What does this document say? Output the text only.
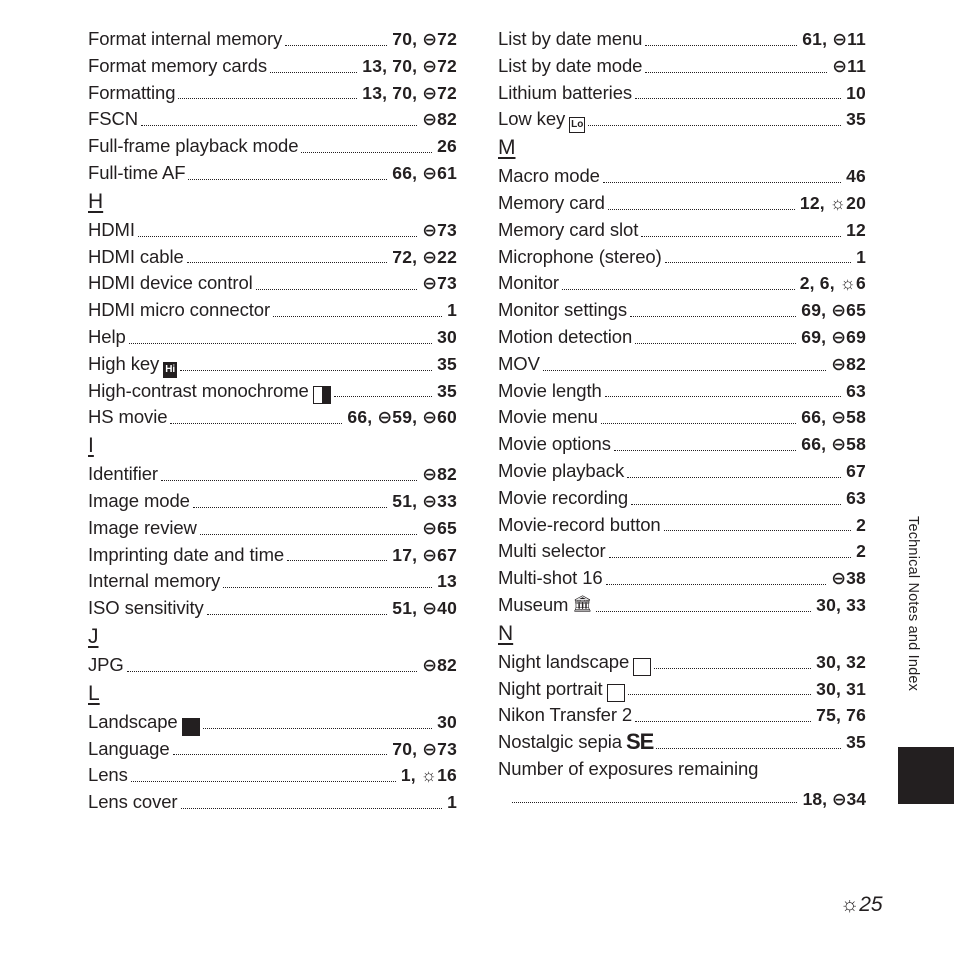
Format internal memory	70, ⊖72
Format memory cards	13, 70, ⊖72
Formatting	13, 70, ⊖72
FSCN	⊖82
Full-frame playback mode	26
Full-time AF	66, ⊖61
H
HDMI	⊖73
HDMI cable	72, ⊖22
HDMI device control	⊖73
HDMI micro connector	1
Help	30
High key Hi	35
High-contrast monochrome	35
HS movie	66, ⊖59, ⊖60
I
Identifier	⊖82
Image mode	51, ⊖33
Image review	⊖65
Imprinting date and time	17, ⊖67
Internal memory	13
ISO sensitivity	51, ⊖40
J
JPG	⊖82
L
Landscape	30
Language	70, ⊖73
Lens	1, ☼16
Lens cover	1
List by date menu	61, ⊖11
List by date mode	⊖11
Lithium batteries	10
Low key Lo	35
M
Macro mode	46
Memory card	12, ☼20
Memory card slot	12
Microphone (stereo)	1
Monitor	2, 6, ☼6
Monitor settings	69, ⊖65
Motion detection	69, ⊖69
MOV	⊖82
Movie length	63
Movie menu	66, ⊖58
Movie options	66, ⊖58
Movie playback	67
Movie recording	63
Movie-record button	2
Multi selector	2
Multi-shot 16	⊖38
Museum 🏛	30, 33
N
Night landscape	30, 32
Night portrait	30, 31
Nikon Transfer 2	75, 76
Nostalgic sepia SE	35
Number of exposures remaining
18, ⊖34
Technical Notes and Index
☼25
